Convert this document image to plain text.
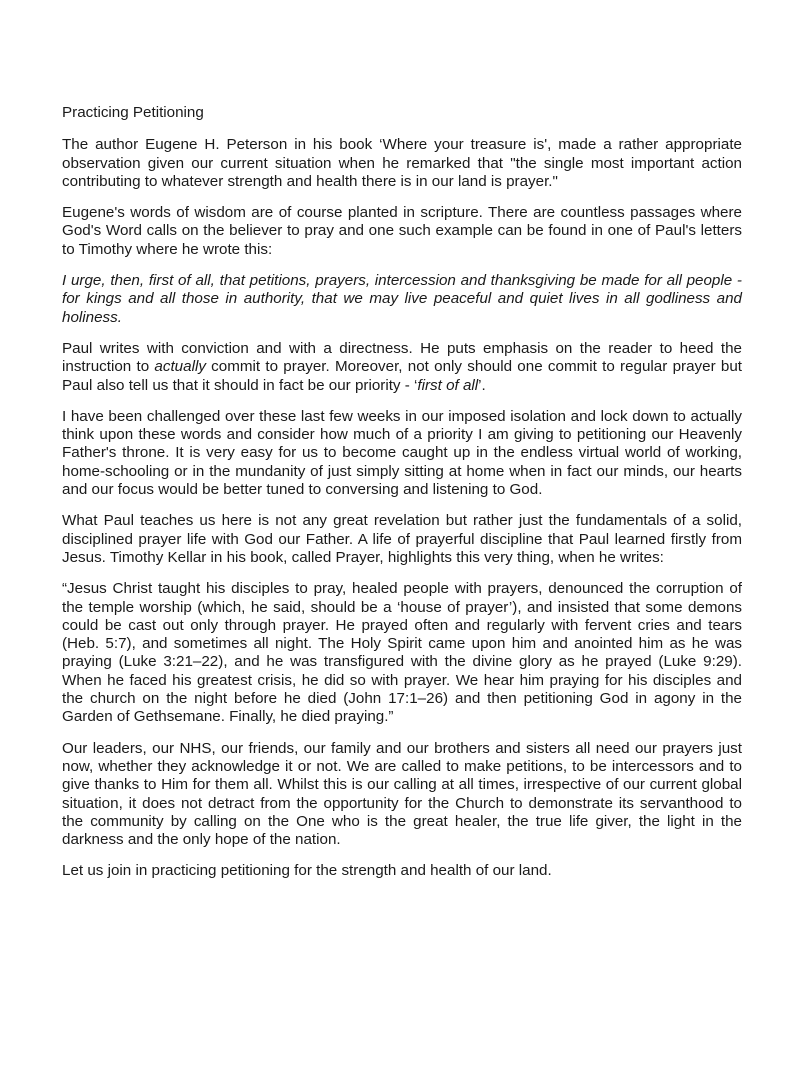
Practicing Petitioning

The author Eugene H. Peterson in his book ‘Where your treasure is', made a rather appropriate observation given our current situation when he remarked that "the single most important action contributing to whatever strength and health there is in our land is prayer."

Eugene's words of wisdom are of course planted in scripture. There are countless passages where God's Word calls on the believer to pray and one such example can be found in one of Paul's letters to Timothy where he wrote this:

I urge, then, first of all, that petitions, prayers, intercession and thanksgiving be made for all people - for kings and all those in authority, that we may live peaceful and quiet lives in all godliness and holiness.

Paul writes with conviction and with a directness. He puts emphasis on the reader to heed the instruction to actually commit to prayer. Moreover, not only should one commit to regular prayer but Paul also tell us that it should in fact be our priority - ‘first of all’.

I have been challenged over these last few weeks in our imposed isolation and lock down to actually think upon these words and consider how much of a priority I am giving to petitioning our Heavenly Father's throne. It is very easy for us to become caught up in the endless virtual world of working, home-schooling or in the mundanity of just simply sitting at home when in fact our minds, our hearts and our focus would be better tuned to conversing and listening to God.

What Paul teaches us here is not any great revelation but rather just the fundamentals of a solid, disciplined prayer life with God our Father. A life of prayerful discipline that Paul learned firstly from Jesus. Timothy Kellar in his book, called Prayer, highlights this very thing, when he writes:

“Jesus Christ taught his disciples to pray, healed people with prayers, denounced the corruption of the temple worship (which, he said, should be a ‘house of prayer’), and insisted that some demons could be cast out only through prayer. He prayed often and regularly with fervent cries and tears (Heb. 5:7), and sometimes all night. The Holy Spirit came upon him and anointed him as he was praying (Luke 3:21–22), and he was transfigured with the divine glory as he prayed (Luke 9:29). When he faced his greatest crisis, he did so with prayer. We hear him praying for his disciples and the church on the night before he died (John 17:1–26) and then petitioning God in agony in the Garden of Gethsemane. Finally, he died praying.”

Our leaders, our NHS, our friends, our family and our brothers and sisters all need our prayers just now, whether they acknowledge it or not. We are called to make petitions, to be intercessors and to give thanks to Him for them all. Whilst this is our calling at all times, irrespective of our current global situation, it does not detract from the opportunity for the Church to demonstrate its servanthood to the community by calling on the One who is the great healer, the true life giver, the light in the darkness and the only hope of the nation.

Let us join in practicing petitioning for the strength and health of our land.
